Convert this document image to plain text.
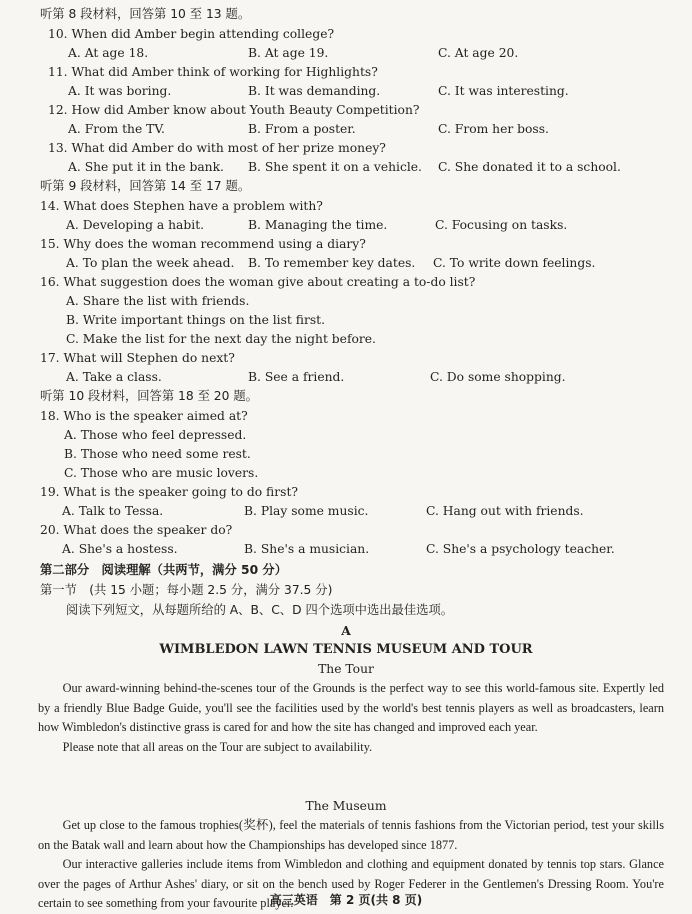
听第 8 段材料，回答第 10 至 13 题。
10. When did Amber begin attending college?
A. At age 18.	B. At age 19.	C. At age 20.
11. What did Amber think of working for Highlights?
A. It was boring.	B. It was demanding.	C. It was interesting.
12. How did Amber know about Youth Beauty Competition?
A. From the TV.	B. From a poster.	C. From her boss.
13. What did Amber do with most of her prize money?
A. She put it in the bank. B. She spent it on a vehicle. C. She donated it to a school.
听第 9 段材料，回答第 14 至 17 题。
14. What does Stephen have a problem with?
A. Developing a habit.	B. Managing the time.	C. Focusing on tasks.
15. Why does the woman recommend using a diary?
A. To plan the week ahead. B. To remember key dates. C. To write down feelings.
16. What suggestion does the woman give about creating a to-do list?
A. Share the list with friends.
B. Write important things on the list first.
C. Make the list for the next day the night before.
17. What will Stephen do next?
A. Take a class.	B. See a friend.	C. Do some shopping.
听第 10 段材料，回答第 18 至 20 题。
18. Who is the speaker aimed at?
A. Those who feel depressed.
B. Those who need some rest.
C. Those who are music lovers.
19. What is the speaker going to do first?
A. Talk to Tessa.	B. Play some music.	C. Hang out with friends.
20. What does the speaker do?
A. She's a hostess.	B. She's a musician.	C. She's a psychology teacher.
第二部分　阅读理解（共两节，满分 50 分）
第一节　(共 15 小题；每小题 2.5 分，满分 37.5 分)
阅读下列短文，从每题所给的 A、B、C、D 四个选项中选出最佳选项。
A
WIMBLEDON LAWN TENNIS MUSEUM AND TOUR
The Tour

Our award-winning behind-the-scenes tour of the Grounds is the perfect way to see this world-famous site. Expertly led by a friendly Blue Badge Guide, you'll see the facilities used by the world's best tennis players as well as broadcasters, learn how Wimbledon's distinctive grass is cared for and how the site has changed and improved each year.

Please note that all areas on the Tour are subject to availability.

The Museum

Get up close to the famous trophies(奖杯), feel the materials of tennis fashions from the Victorian period, test your skills on the Batak wall and learn about how the Championships has developed since 1877.

Our interactive galleries include items from Wimbledon and clothing and equipment donated by tennis top stars. Glance over the pages of Arthur Ashes' diary, or sit on the bench used by Roger Federer in the Gentlemen's Dressing Room. You're certain to see something from your favourite player.

高三英语　第 2 页(共 8 页)
